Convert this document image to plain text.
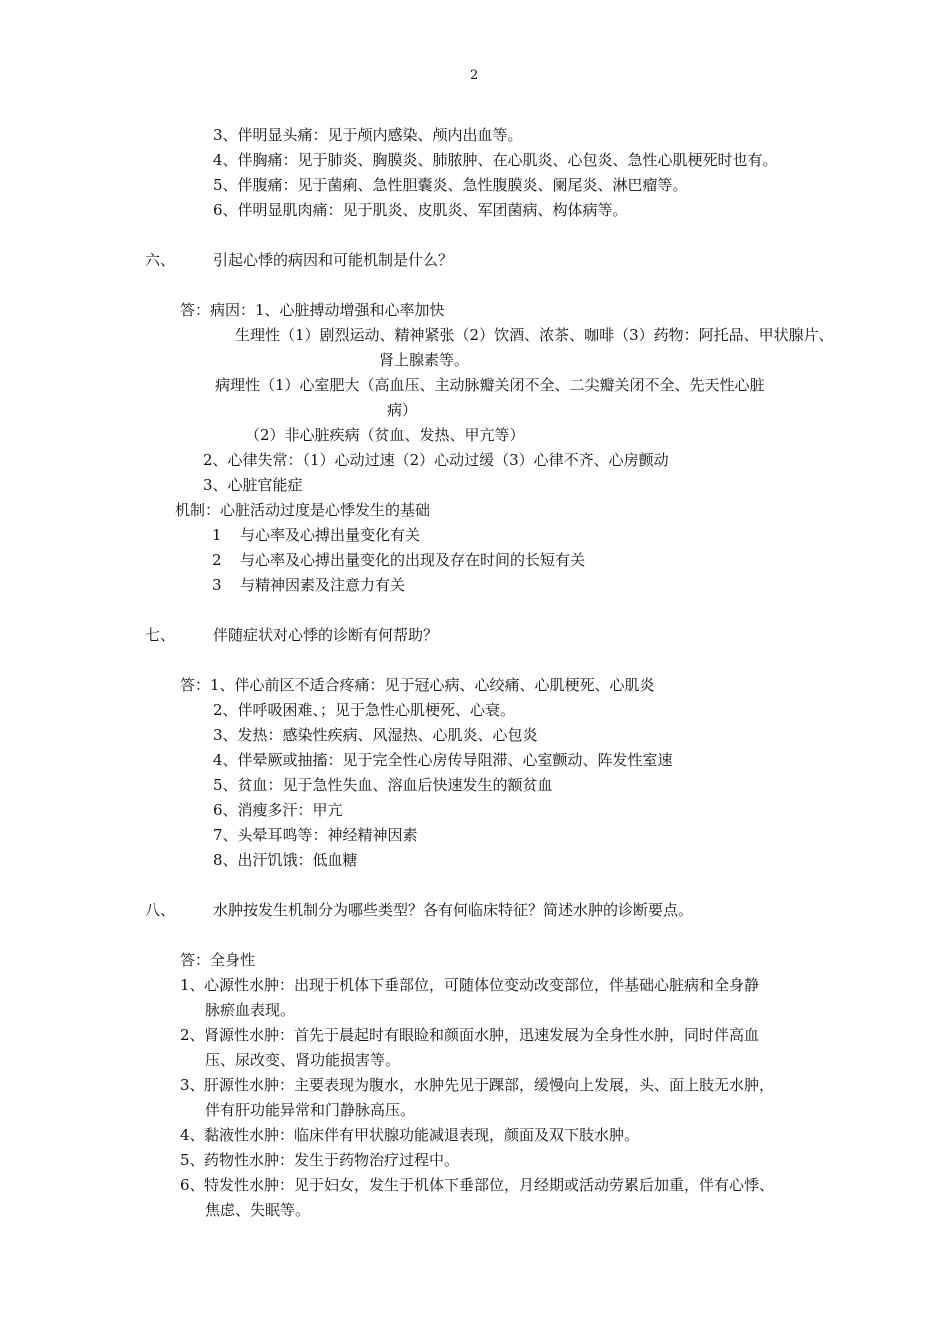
2
3、伴明显头痛：见于颅内感染、颅内出血等。
4、伴胸痛：见于肺炎、胸膜炎、肺脓肿、在心肌炎、心包炎、急性心肌梗死时也有。
5、伴腹痛：见于菌痢、急性胆囊炎、急性腹膜炎、阑尾炎、淋巴瘤等。
6、伴明显肌肉痛：见于肌炎、皮肌炎、军团菌病、构体病等。
六、	引起心悸的病因和可能机制是什么？
答：病因：1、心脏搏动增强和心率加快
生理性（1）剧烈运动、精神紧张（2）饮酒、浓茶、咖啡（3）药物：阿托品、甲状腺片、
肾上腺素等。
病理性（1）心室肥大（高血压、主动脉瓣关闭不全、二尖瓣关闭不全、先天性心脏
病）
（2）非心脏疾病（贫血、发热、甲亢等）
2、心律失常：（1）心动过速（2）心动过缓（3）心律不齐、心房颤动
3、心脏官能症
机制：心脏活动过度是心悸发生的基础
1 与心率及心搏出量变化有关
2 与心率及心搏出量变化的出现及存在时间的长短有关
3 与精神因素及注意力有关
七、	伴随症状对心悸的诊断有何帮助？
答：1、伴心前区不适合疼痛：见于冠心病、心绞痛、心肌梗死、心肌炎
2、伴呼吸困难、；见于急性心肌梗死、心衰。
3、发热：感染性疾病、风湿热、心肌炎、心包炎
4、伴晕厥或抽搐：见于完全性心房传导阻滞、心室颤动、阵发性室速
5、贫血：见于急性失血、溶血后快速发生的额贫血
6、消瘦多汗：甲亢
7、头晕耳鸣等：神经精神因素
8、出汗饥饿：低血糖
八、	水肿按发生机制分为哪些类型？各有何临床特征？简述水肿的诊断要点。
答：全身性
1、心源性水肿：出现于机体下垂部位，可随体位变动改变部位，伴基础心脏病和全身静
脉瘀血表现。
2、肾源性水肿：首先于晨起时有眼睑和颜面水肿，迅速发展为全身性水肿，同时伴高血
压、尿改变、肾功能损害等。
3、肝源性水肿：主要表现为腹水，水肿先见于踝部，缓慢向上发展，头、面上肢无水肿，
伴有肝功能异常和门静脉高压。
4、黏液性水肿：临床伴有甲状腺功能减退表现，颜面及双下肢水肿。
5、药物性水肿：发生于药物治疗过程中。
6、特发性水肿：见于妇女，发生于机体下垂部位，月经期或活动劳累后加重，伴有心悸、
焦虑、失眠等。
